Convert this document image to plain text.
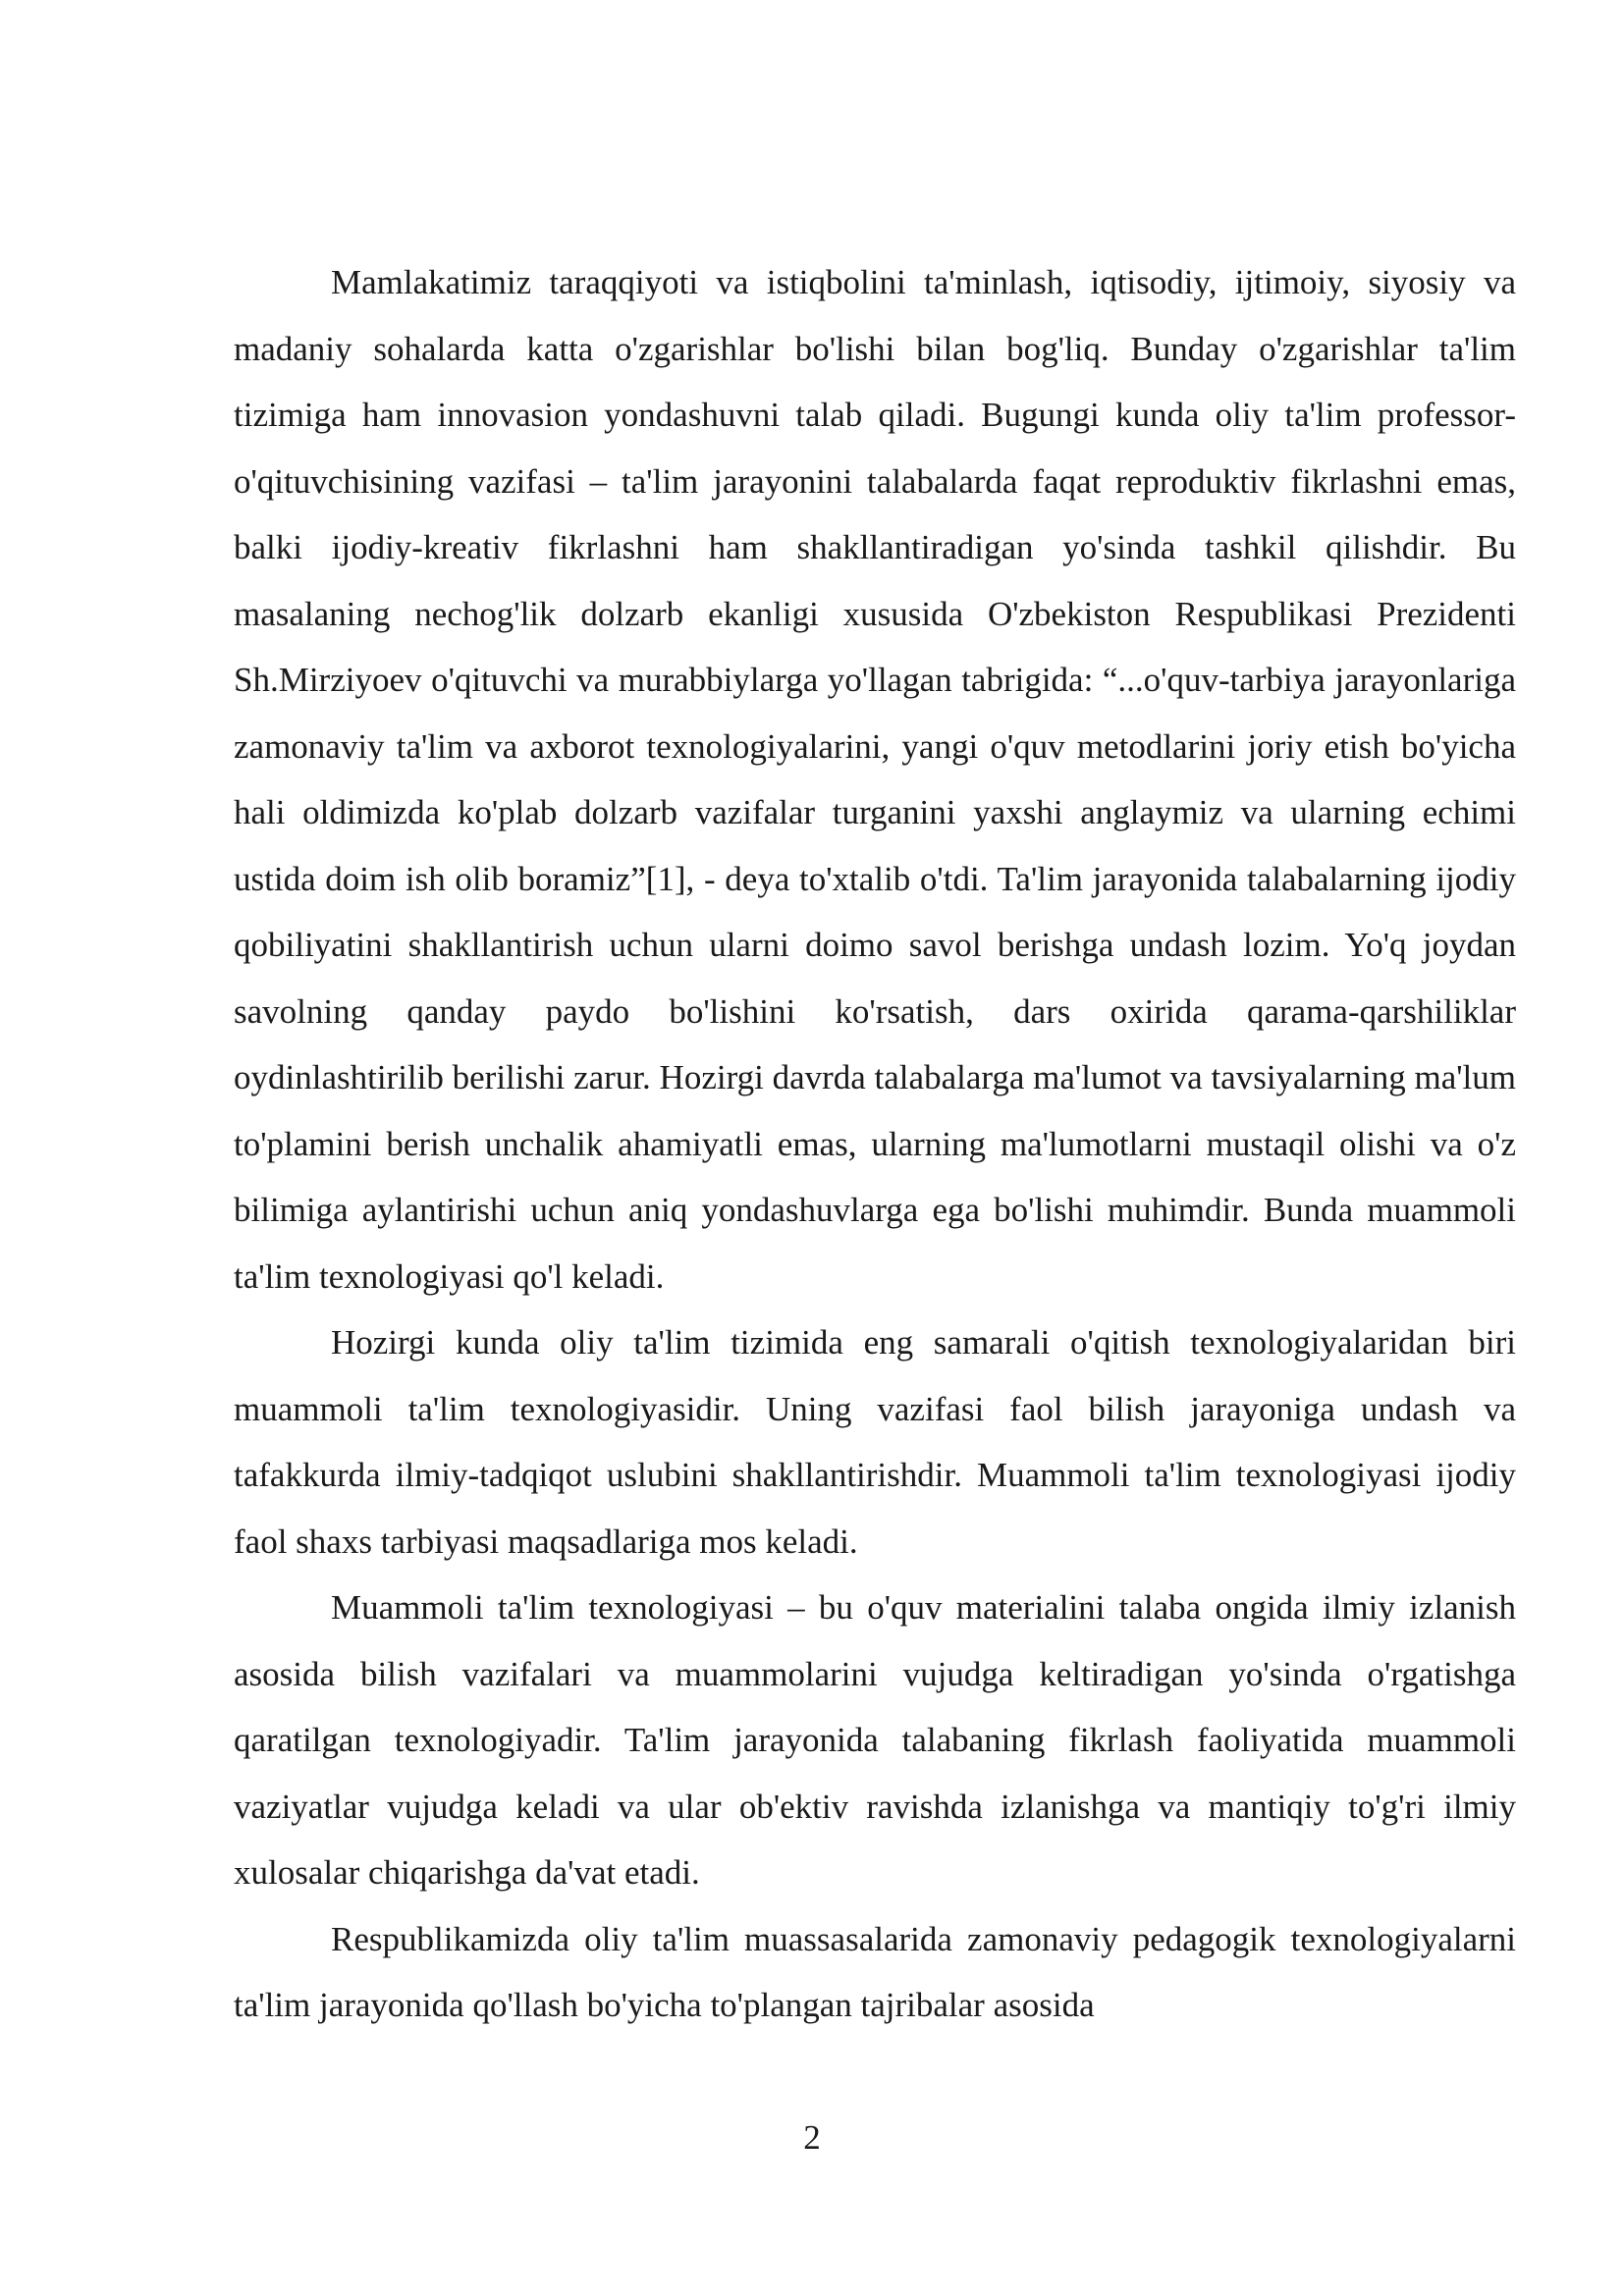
Mamlakatimiz taraqqiyoti va istiqbolini ta'minlash, iqtisodiy, ijtimoiy, siyosiy va madaniy sohalarda katta o'zgarishlar bo'lishi bilan bog'liq. Bunday o'zgarishlar ta'lim tizimiga ham innovasion yondashuvni talab qiladi. Bugungi kunda oliy ta'lim professor-o'qituvchisining vazifasi – ta'lim jarayonini talabalarda faqat reproduktiv fikrlashni emas, balki ijodiy-kreativ fikrlashni ham shakllantiradigan yo'sinda tashkil qilishdir. Bu masalaning nechog'lik dolzarb ekanligi xususida O'zbekiston Respublikasi Prezidenti Sh.Mirziyoev o'qituvchi va murabbiylarga yo'llagan tabrigida: “...o'quv-tarbiya jarayonlariga zamonaviy ta'lim va axborot texnologiyalarini, yangi o'quv metodlarini joriy etish bo'yicha hali oldimizda ko'plab dolzarb vazifalar turganini yaxshi anglaymiz va ularning echimi ustida doim ish olib boramiz”[1], - deya to'xtalib o'tdi. Ta'lim jarayonida talabalarning ijodiy qobiliyatini shakllantirish uchun ularni doimo savol berishga undash lozim. Yo'q joydan savolning qanday paydo bo'lishini ko'rsatish, dars oxirida qarama-qarshiliklar oydinlashtirilib berilishi zarur. Hozirgi davrda talabalarga ma'lumot va tavsiyalarning ma'lum to'plamini berish unchalik ahamiyatli emas, ularning ma'lumotlarni mustaqil olishi va o'z bilimiga aylantirishi uchun aniq yondashuvlarga ega bo'lishi muhimdir. Bunda muammoli ta'lim texnologiyasi qo'l keladi.

Hozirgi kunda oliy ta'lim tizimida eng samarali o'qitish texnologiyalaridan biri muammoli ta'lim texnologiyasidir. Uning vazifasi faol bilish jarayoniga undash va tafakkurda ilmiy-tadqiqot uslubini shakllantirishdir. Muammoli ta'lim texnologiyasi ijodiy faol shaxs tarbiyasi maqsadlariga mos keladi.

Muammoli ta'lim texnologiyasi – bu o'quv materialini talaba ongida ilmiy izlanish asosida bilish vazifalari va muammolarini vujudga keltiradigan yo'sinda o'rgatishga qaratilgan texnologiyadir. Ta'lim jarayonida talabaning fikrlash faoliyatida muammoli vaziyatlar vujudga keladi va ular ob'ektiv ravishda izlanishga va mantiqiy to'g'ri ilmiy xulosalar chiqarishga da'vat etadi.

Respublikamizda oliy ta'lim muassasalarida zamonaviy pedagogik texnologiyalarni ta'lim jarayonida qo'llash bo'yicha to'plangan tajribalar asosida

2
